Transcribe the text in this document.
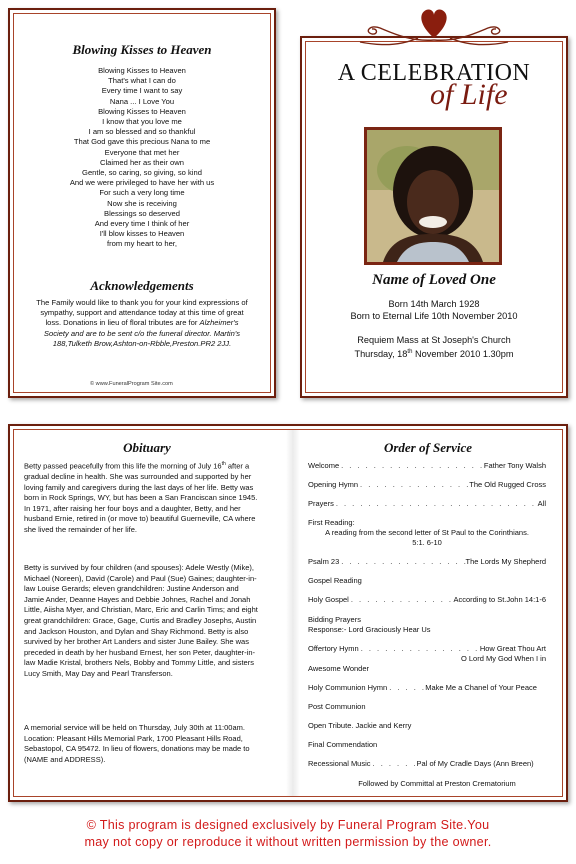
Blowing Kisses to Heaven
Blowing Kisses to Heaven
That's what I can do
Every time I want to say
Nana ... I Love You
Blowing Kisses to Heaven
I know that you love me
I am so blessed and so thankful
That God gave this precious Nana to me
Everyone that met her
Claimed her as their own
Gentle, so caring, so giving, so kind
And we were privileged to have her with us
For such a very long time
Now she is receiving
Blessings so deserved
And every time I think of her
I'll blow kisses to Heaven
from my heart to her,
Acknowledgements
The Family would like to thank you for your kind expressions of sympathy, support and attendance today at this time of great loss. Donations in lieu of floral tributes are for Alzheimer's Society and are to be sent c/o the funeral director. Martin's 188,Tulketh Brow,Ashton-on-Rbble,Preston.PR2 2JJ.
© www.FuneralProgram Site.com
A CELEBRATION
of Life
Name of Loved One
Born 14th March 1928
Born to Eternal Life 10th November 2010
Requiem Mass at St Joseph's Church
Thursday, 18th November 2010 1.30pm
Obituary
Betty passed peacefully from this life the morning of July 16th after a gradual decline in health. She was surrounded and supported by her loving family and caregivers during the last days of her life. Betty was born in Rock Springs, WY, but has been a San Franciscan since 1945. In 1971, after raising her four boys and a daughter, Betty, and her husband Ernie, retired in (or move to) beautiful Guerneville, CA where she lived the remainder of her life.
Betty is survived by four children (and spouses): Adele Westly (Mike), Michael (Noreen), David (Carole) and Paul (Sue) Gaines; daughter-in-law Louise Gerards; eleven grandchildren: Justine Anderson and Jamie Ander, Deanne Hayes and Debbie Johnes, Rachel and Jonah Little, Aiisha Myer, and Christian, Marc, Eric and Carlin Tims; and eight great grandchildren: Grace, Gage, Curtis and Bradley Josephs, Austin and Jackson Houston, and Dylan and Shay Richmond. Betty is also survived by her brother Art Landers and sister June Bailey. She was preceded in death by her husband Ernest, her son Peter, daughter-in-law Madie Kristal, brothers Nels, Bobby and Tommy Little, and sisters Lucy Smith, May Day and Pearl Transferson.
A memorial service will be held on Thursday, July 30th at 11:00am. Location: Pleasant Hills Memorial Park, 1700 Pleasant Hills Road, Sebastopol, CA 95472. In lieu of flowers, donations may be made to (NAME and ADDRESS).
Order of Service
Welcome . . .	Father Tony Walsh
Opening Hymn . . .	The Old Rugged Cross
Prayers . . .	All
First Reading:
A reading from the second letter of St Paul to the Corinthians.
5:1. 6-10
Psalm 23 . . .	The Lords My Shepherd
Gospel Reading
Holy Gospel . . .	According to St.John 14:1-6
Bidding Prayers
Response:- Lord Graciously Hear Us
Offertory Hymn . . .	How Great Thou Art
O Lord My God When I in
Awesome Wonder
Holy Communion Hymn . . .	Make Me a Chanel of Your Peace
Post Communion
Open Tribute. Jackie and Kerry
Final Commendation
Recessional Music . . .	Pal of My Cradle Days (Ann Breen)
Followed by Committal at Preston Crematorium
© This program is designed exclusively by Funeral Program Site.You
may not copy or reproduce it without written permission by the owner.
